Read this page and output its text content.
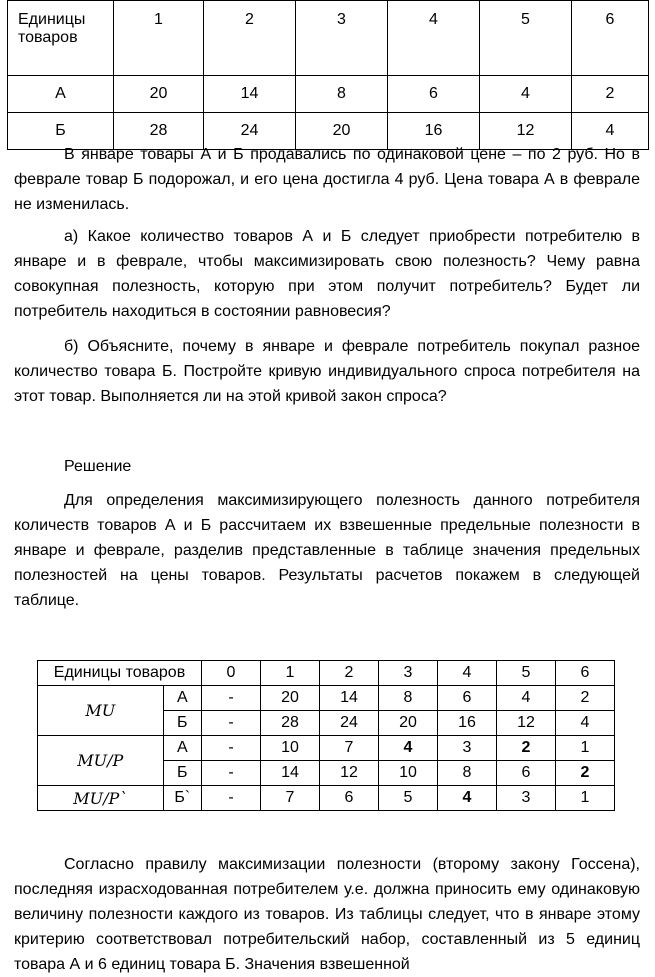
Единицы
товаров	1	2	3	4	5	6
А	20	14	8	6	4	2
Б	28	24	20	16	12	4
В январе товары А и Б продавались по одинаковой цене – по 2 руб. Но в феврале товар Б подорожал, и его цена достигла 4 руб. Цена товара А в феврале не изменилась.
а) Какое количество товаров А и Б следует приобрести потребителю в январе и в феврале, чтобы максимизировать свою полезность? Чему равна совокупная полезность, которую при этом получит потребитель? Будет ли потребитель находиться в состоянии равновесия?
б) Объясните, почему в январе и феврале потребитель покупал разное количество товара Б. Постройте кривую индивидуального спроса потребителя на этот товар. Выполняется ли на этой кривой закон спроса?
Решение
Для определения максимизирующего полезность данного потребителя количеств товаров А и Б рассчитаем их взвешенные предельные полезности в январе и феврале, разделив представленные в таблице значения предельных полезностей на цены товаров. Результаты расчетов покажем в следующей таблице.
Единицы товаров		0	1	2	3	4	5	6
MU	А	-	20	14	8	6	4	2
	Б	-	28	24	20	16	12	4
MU/P	А	-	10	7	4	3	2	1
	Б	-	14	12	10	8	6	2
MU/P`	Б`	-	7	6	5	4	3	1
Согласно правилу максимизации полезности (второму закону Госсена), последняя израсходованная потребителем у.е. должна приносить ему одинаковую величину полезности каждого из товаров. Из таблицы следует, что в январе этому критерию соответствовал потребительский набор, составленный из 5 единиц товара А и 6 единиц товара Б. Значения взвешенной
